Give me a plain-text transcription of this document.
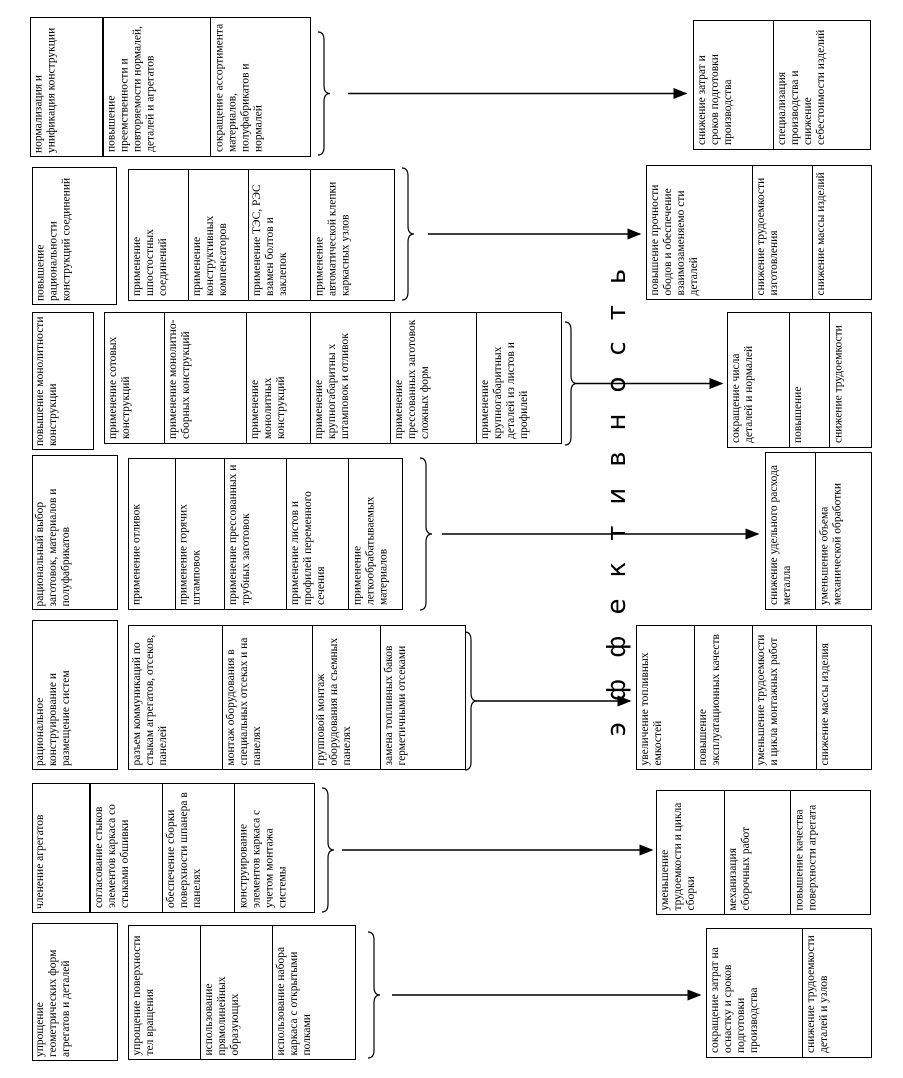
эффективность
нормализация и унификация конструкции	повышение преемственности и повторяемости нормалей, деталей и агрегатов	сокращение ассортимента материалов, полуфабрикатов и нормалей	снижение затрат и сроков подготовки производства	специализация производства и снижение себестоимости изделий
повышение рациональности конструкций соединений	применение шпостостных соединений	применение конструктивных компенсаторов	применение ТЭС, РЭС взамен болтов и заклепок	применение автоматической клепки каркасных узлов	повышение прочности ободов и обеспечение взаимозаменяемо сти деталей	снижение трудоемкости изготовления	снижение массы изделий
повышение монолитности конструкции	применение сотовых конструкций	применение монолитно-сборных конструкций	применение монолитных конструкций	применение крупногабаритны х штамповок и отливок	применение прессованных заготовок сложных форм	применение крупногабаритных деталей из листов и профилей	сокращение числа деталей и нормалей	повышение	снижение трудоемкости
рациональный выбор заготовок, материалов и полуфабрикатов	применение отливок	применение горячих штамповок	применение прессованных и трубных заготовок	применение листов и профилей переменного сечения	применение легкообрабатываемых материалов	снижение удельного расхода металла	уменьшение объема механической обработки
рациональное конструирование и размещение систем	разъем коммуникаций по стыкам агрегатов, отсеков, панелей	монтаж оборудования в специальных отсеках и на панелях	групповой монтаж оборудования на съемных панелях	замена топливных баков герметичными отсеками	увеличение топливных емкостей	повышение эксплуатационных качеств	уменьшение трудоемкости и цикла монтажных работ	снижение массы изделия
членение агрегатов	согласование стыков элементов каркаса со стыками обшивки	обеспечение сборки поверхности шпанера в панелях	конструирование элементов каркаса с учетом монтажа системы	уменьшение трудоемкости и цикла сборки	механизация сборочных работ	повышение качества поверхности агрегата
упрощение геометрических форм агрегатов и деталей	упрощение поверхности тел вращения	использование прямолинейных образующих	использование набора каркаса с открытыми полками	сокращение затрат на оснастку и сроков подготовки производства	снижение трудоемкости деталей и узлов
